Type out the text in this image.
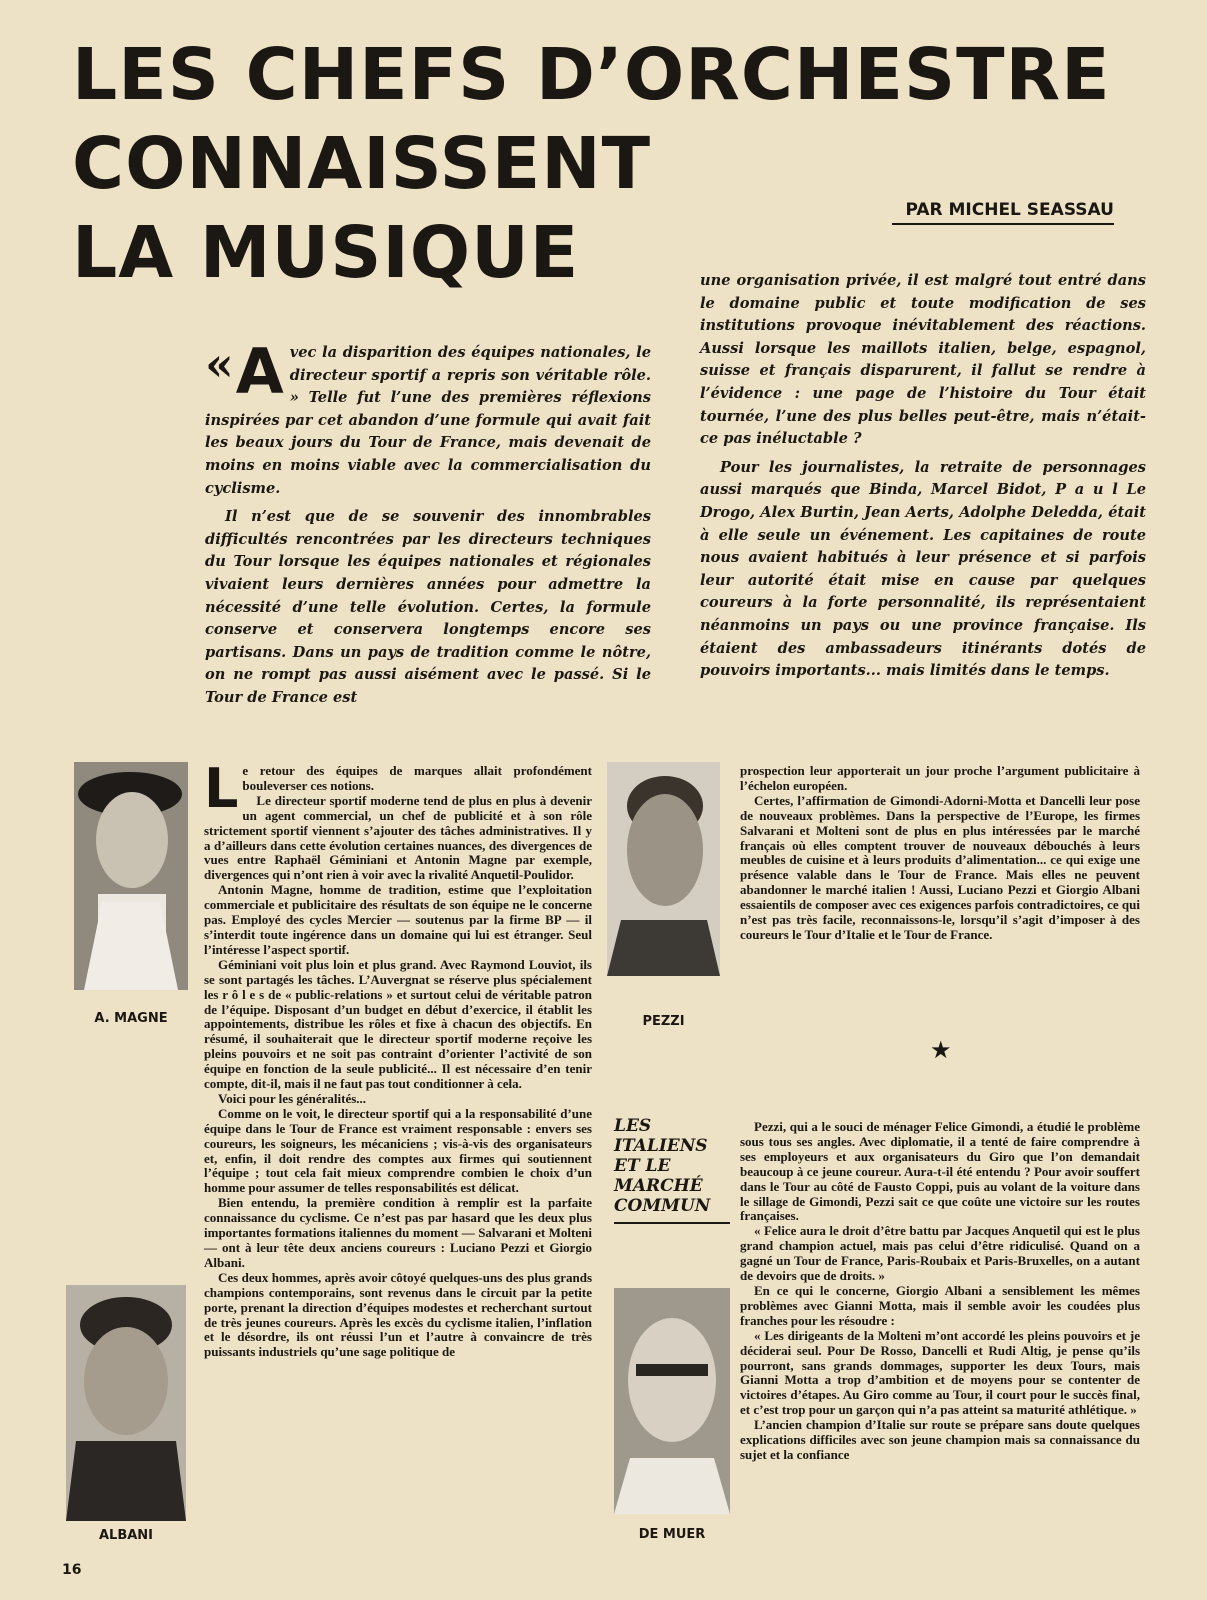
LES CHEFS D’ORCHESTRE
CONNAISSENT
LA MUSIQUE
PAR MICHEL SEASSAU

« A vec la disparition des équipes nationales, le directeur sportif a repris son véritable rôle. » Telle fut l’une des premières réflexions inspirées par cet abandon d’une formule qui avait fait les beaux jours du Tour de France, mais devenait de moins en moins viable avec la commercialisation du cyclisme.

Il n’est que de se souvenir des innombrables difficultés rencontrées par les directeurs techniques du Tour lorsque les équipes nationales et régionales vivaient leurs dernières années pour admettre la nécessité d’une telle évolution. Certes, la formule conserve et conservera longtemps encore ses partisans. Dans un pays de tradition comme le nôtre, on ne rompt pas aussi aisément avec le passé. Si le Tour de France est

une organisation privée, il est malgré tout entré dans le domaine public et toute modification de ses institutions provoque inévitablement des réactions. Aussi lorsque les maillots italien, belge, espagnol, suisse et français disparurent, il fallut se rendre à l’évidence : une page de l’histoire du Tour était tournée, l’une des plus belles peut-être, mais n’était-ce pas inéluctable ?

Pour les journalistes, la retraite de personnages aussi marqués que Binda, Marcel Bidot, P a u l Le Drogo, Alex Burtin, Jean Aerts, Adolphe Deledda, était à elle seule un événement. Les capitaines de route nous avaient habitués à leur présence et si parfois leur autorité était mise en cause par quelques coureurs à la forte personnalité, ils représentaient néanmoins un pays ou une province française. Ils étaient des ambassadeurs itinérants dotés de pouvoirs importants... mais limités dans le temps.

A. MAGNE	PEZZI
ALBANI	DE MUER

L e retour des équipes de marques allait profondément bouleverser ces notions.

Le directeur sportif moderne tend de plus en plus à devenir un agent commercial, un chef de publicité et à son rôle strictement sportif viennent s’ajouter des tâches administratives. Il y a d’ailleurs dans cette évolution certaines nuances, des divergences de vues entre Raphaël Géminiani et Antonin Magne par exemple, divergences qui n’ont rien à voir avec la rivalité Anquetil-Poulidor.

Antonin Magne, homme de tradition, estime que l’exploitation commerciale et publicitaire des résultats de son équipe ne le concerne pas. Employé des cycles Mercier — soutenus par la firme BP — il s’interdit toute ingérence dans un domaine qui lui est étranger. Seul l’intéresse l’aspect sportif.

Géminiani voit plus loin et plus grand. Avec Raymond Louviot, ils se sont partagés les tâches. L’Auvergnat se réserve plus spécialement les r ô l e s de « public-relations » et surtout celui de véritable patron de l’équipe. Disposant d’un budget en début d’exercice, il établit les appointements, distribue les rôles et fixe à chacun des objectifs. En résumé, il souhaiterait que le directeur sportif moderne reçoive les pleins pouvoirs et ne soit pas contraint d’orienter l’activité de son équipe en fonction de la seule publicité... Il est nécessaire d’en tenir compte, dit-il, mais il ne faut pas tout conditionner à cela.

Voici pour les généralités...

Comme on le voit, le directeur sportif qui a la responsabilité d’une équipe dans le Tour de France est vraiment responsable : envers ses coureurs, les soigneurs, les mécaniciens ; vis-à-vis des organisateurs et, enfin, il doit rendre des comptes aux firmes qui soutiennent l’équipe ; tout cela fait mieux comprendre combien le choix d’un homme pour assumer de telles responsabilités est délicat.

Bien entendu, la première condition à remplir est la parfaite connaissance du cyclisme. Ce n’est pas par hasard que les deux plus importantes formations italiennes du moment — Salvarani et Molteni — ont à leur tête deux anciens coureurs : Luciano Pezzi et Giorgio Albani.

Ces deux hommes, après avoir côtoyé quelques-uns des plus grands champions contemporains, sont revenus dans le circuit par la petite porte, prenant la direction d’équipes modestes et recherchant surtout de très jeunes coureurs. Après les excès du cyclisme italien, l’inflation et le désordre, ils ont réussi l’un et l’autre à convaincre de très puissants industriels qu’une sage politique de

prospection leur apporterait un jour proche l’argument publicitaire à l’échelon européen.

Certes, l’affirmation de Gimondi-Adorni-Motta et Dancelli leur pose de nouveaux problèmes. Dans la perspective de l’Europe, les firmes Salvarani et Molteni sont de plus en plus intéressées par le marché français où elles comptent trouver de nouveaux débouchés à leurs meubles de cuisine et à leurs produits d’alimentation... ce qui exige une présence valable dans le Tour de France. Mais elles ne peuvent abandonner le marché italien ! Aussi, Luciano Pezzi et Giorgio Albani essaientils de composer avec ces exigences parfois contradictoires, ce qui n’est pas très facile, reconnaissons-le, lorsqu’il s’agit d’imposer à des coureurs le Tour d’Italie et le Tour de France.

★
LES
ITALIENS
ET LE
MARCHÉ
COMMUN

Pezzi, qui a le souci de ménager Felice Gimondi, a étudié le problème sous tous ses angles. Avec diplomatie, il a tenté de faire comprendre à ses employeurs et aux organisateurs du Giro que l’on demandait beaucoup à ce jeune coureur. Aura-t-il été entendu ? Pour avoir souffert dans le Tour au côté de Fausto Coppi, puis au volant de la voiture dans le sillage de Gimondi, Pezzi sait ce que coûte une victoire sur les routes françaises.

« Felice aura le droit d’être battu par Jacques Anquetil qui est le plus grand champion actuel, mais pas celui d’être ridiculisé. Quand on a gagné un Tour de France, Paris-Roubaix et Paris-Bruxelles, on a autant de devoirs que de droits. »

En ce qui le concerne, Giorgio Albani a sensiblement les mêmes problèmes avec Gianni Motta, mais il semble avoir les coudées plus franches pour les résoudre :

« Les dirigeants de la Molteni m’ont accordé les pleins pouvoirs et je déciderai seul. Pour De Rosso, Dancelli et Rudi Altig, je pense qu’ils pourront, sans grands dommages, supporter les deux Tours, mais Gianni Motta a trop d’ambition et de moyens pour se contenter de victoires d’étapes. Au Giro comme au Tour, il court pour le succès final, et c’est trop pour un garçon qui n’a pas atteint sa maturité athlétique. »

L’ancien champion d’Italie sur route se prépare sans doute quelques explications difficiles avec son jeune champion mais sa connaissance du sujet et la confiance

16
